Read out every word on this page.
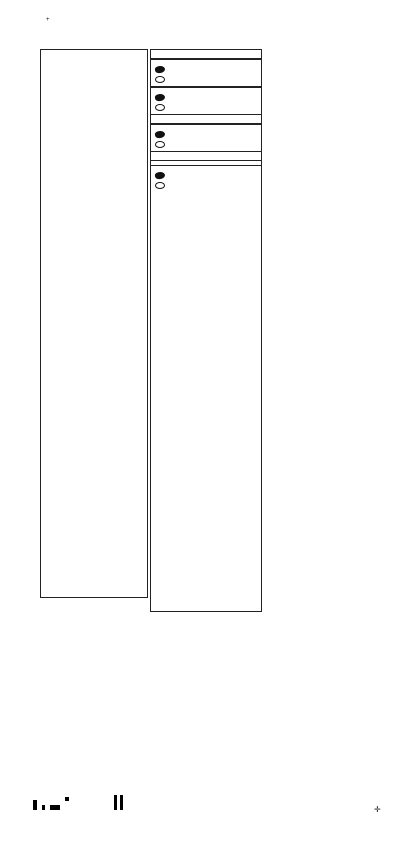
+
✛
